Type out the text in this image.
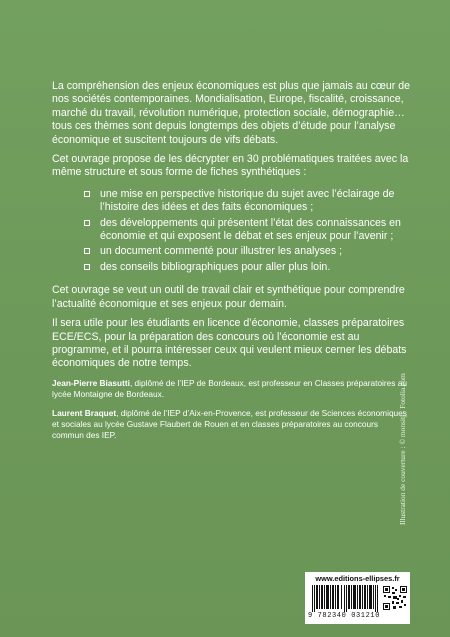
La compréhension des enjeux économiques est plus que jamais au cœur de nos sociétés contemporaines. Mondialisation, Europe, fiscalité, croissance, marché du travail, révolution numérique, protection sociale, démographie… tous ces thèmes sont depuis longtemps des objets d’étude pour l’analyse économique et suscitent toujours de vifs débats.

Cet ouvrage propose de les décrypter en 30 problématiques traitées avec la même structure et sous forme de fiches synthétiques :

une mise en perspective historique du sujet avec l’éclairage de l’histoire des idées et des faits économiques ;
des développements qui présentent l’état des connaissances en économie et qui exposent le débat et ses enjeux pour l’avenir ;
un document commenté pour illustrer les analyses ;
des conseils bibliographiques pour aller plus loin.

Cet ouvrage se veut un outil de travail clair et synthétique pour comprendre l’actualité économique et ses enjeux pour demain.

Il sera utile pour les étudiants en licence d’économie, classes préparatoires ECE/ECS, pour la préparation des concours où l’économie est au programme, et il pourra intéresser ceux qui veulent mieux cerner les débats économiques de notre temps.

Jean-Pierre Biasutti, diplômé de l’IEP de Bordeaux, est professeur en Classes préparatoires au lycée Montaigne de Bordeaux.

Laurent Braquet, diplômé de l’IEP d’Aix-en-Provence, est professeur de Sciences économiques et sociales au lycée Gustave Flaubert de Rouen et en classes préparatoires au concours commun des IEP.	Illustration de couverture : © monsitj - Fotolia.com
www.editions-ellipses.fr
9 782340 031210
